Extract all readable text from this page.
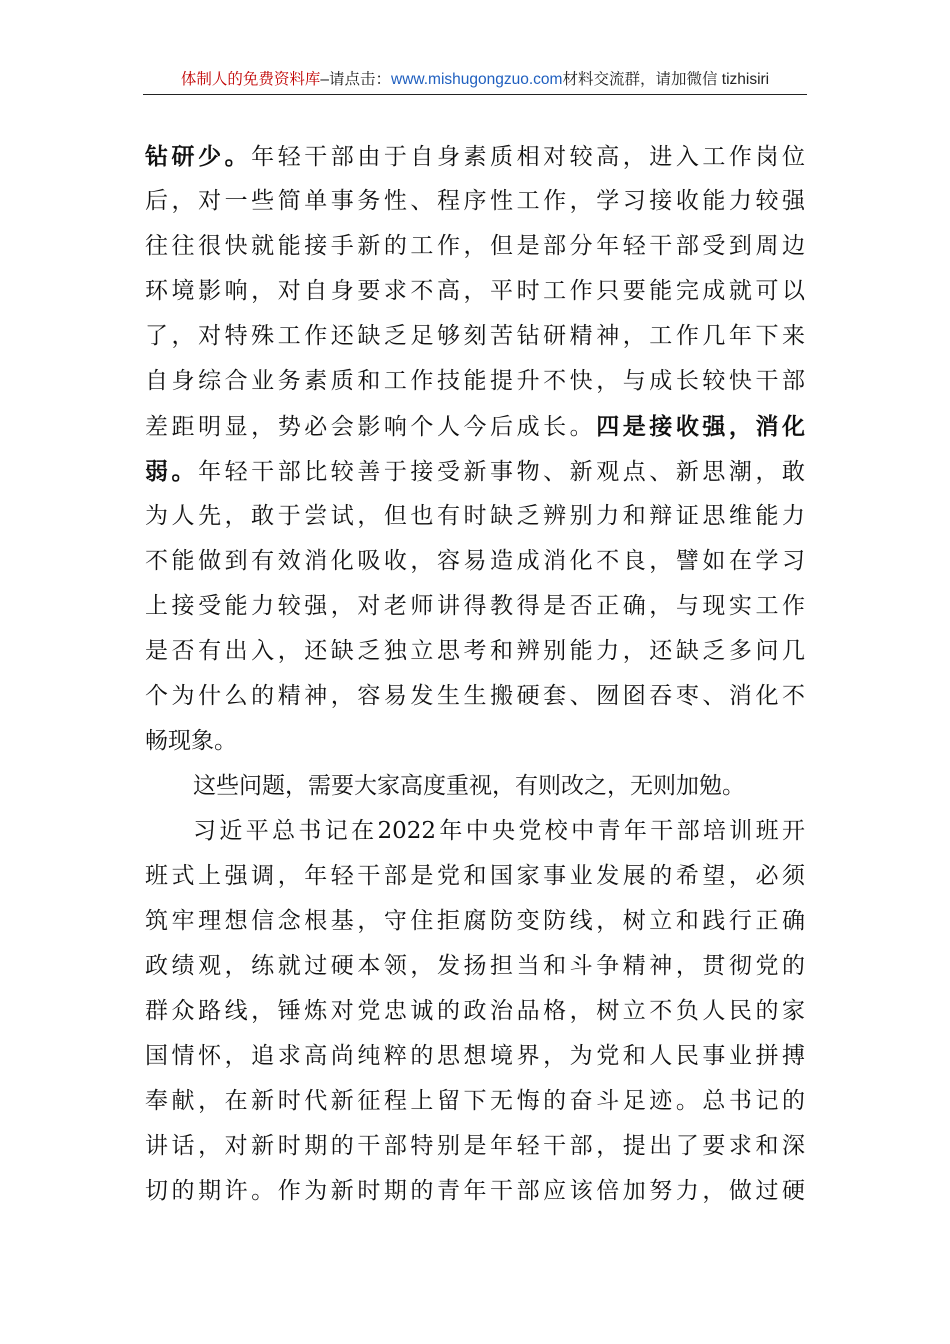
体制人的免费资料库–请点击：www.mishugongzuo.com材料交流群，请加微信 tizhisiri
钻研少。年轻干部由于自身素质相对较高，进入工作岗位
后，对一些简单事务性、程序性工作，学习接收能力较强
往往很快就能接手新的工作，但是部分年轻干部受到周边
环境影响，对自身要求不高，平时工作只要能完成就可以
了，对特殊工作还缺乏足够刻苦钻研精神，工作几年下来
自身综合业务素质和工作技能提升不快，与成长较快干部
差距明显，势必会影响个人今后成长。四是接收强，消化
弱。年轻干部比较善于接受新事物、新观点、新思潮，敢
为人先，敢于尝试，但也有时缺乏辨别力和辩证思维能力
不能做到有效消化吸收，容易造成消化不良，譬如在学习
上接受能力较强，对老师讲得教得是否正确，与现实工作
是否有出入，还缺乏独立思考和辨别能力，还缺乏多问几
个为什么的精神，容易发生生搬硬套、囫囵吞枣、消化不
畅现象。
这些问题，需要大家高度重视，有则改之，无则加勉。
习近平总书记在2022年中央党校中青年干部培训班开
班式上强调，年轻干部是党和国家事业发展的希望，必须
筑牢理想信念根基，守住拒腐防变防线，树立和践行正确
政绩观，练就过硬本领，发扬担当和斗争精神，贯彻党的
群众路线，锤炼对党忠诚的政治品格，树立不负人民的家
国情怀，追求高尚纯粹的思想境界，为党和人民事业拼搏
奉献，在新时代新征程上留下无悔的奋斗足迹。总书记的
讲话，对新时期的干部特别是年轻干部，提出了要求和深
切的期许。作为新时期的青年干部应该倍加努力，做过硬
